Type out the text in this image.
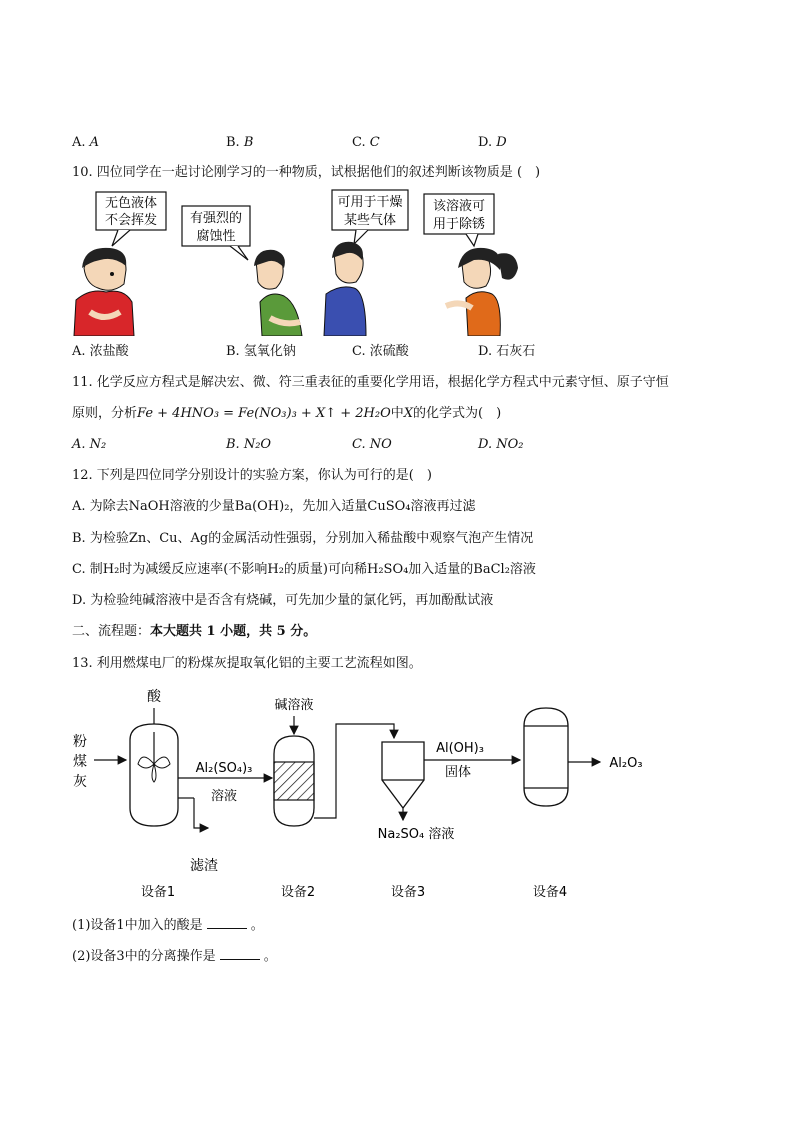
A. A	B. B	C. C	D. D
10. 四位同学在一起讨论刚学习的一种物质，试根据他们的叙述判断该物质是 (　)
无色液体
不会挥发	有强烈的
腐蚀性
可用于干燥
某些气体
该溶液可
用于除锈
A. 浓盐酸	B. 氢氧化钠	C. 浓硫酸	D. 石灰石
11. 化学反应方程式是解决宏、微、符三重表征的重要化学用语，根据化学方程式中元素守恒、原子守恒
原则，分析Fe + 4HNO₃ = Fe(NO₃)₃ + X↑ + 2H₂O中X的化学式为(　)
A. N₂	B. N₂O	C. NO	D. NO₂
12. 下列是四位同学分别设计的实验方案，你认为可行的是(　)
A. 为除去NaOH溶液的少量Ba(OH)₂，先加入适量CuSO₄溶液再过滤
B. 为检验Zn、Cu、Ag的金属活动性强弱，分别加入稀盐酸中观察气泡产生情况
C. 制H₂时为减缓反应速率(不影响H₂的质量)可向稀H₂SO₄加入适量的BaCl₂溶液
D. 为检验纯碱溶液中是否含有烧碱，可先加少量的氯化钙，再加酚酞试液
二、流程题：本大题共 1 小题，共 5 分。
13. 利用燃煤电厂的粉煤灰提取氧化铝的主要工艺流程如图。
酸
粉
煤
灰
滤渣
Al₂(SO₄)₃
溶液
碱溶液
Na₂SO₄ 溶液
Al(OH)₃
固体
Al₂O₃
设备1	设备2	设备3	设备4
(1)设备1中加入的酸是	。
(2)设备3中的分离操作是	。
